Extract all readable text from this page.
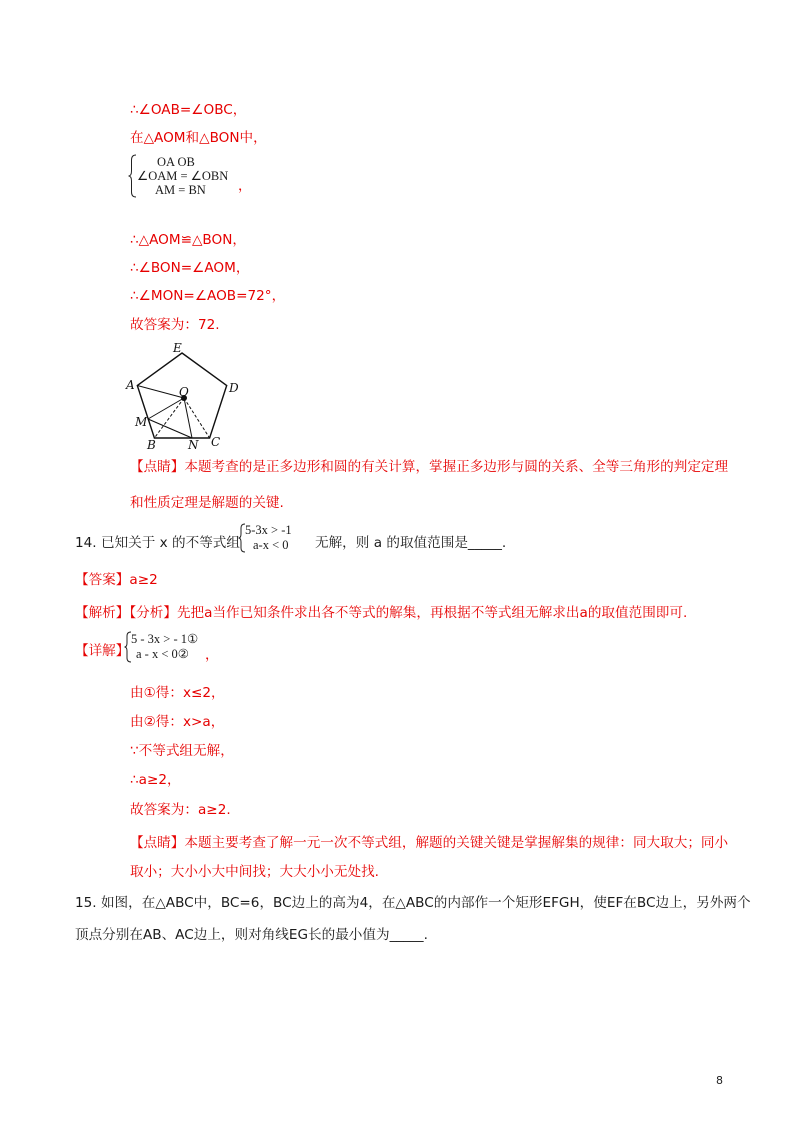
∴∠OAB=∠OBC，
在△AOM和△BON中，
OA OB
∠OAM = ∠OBN
AM = BN ，
∴△AOM≌△BON，
∴∠BON=∠AOM，
∴∠MON=∠AOB=72°，
故答案为：72.
E
A	D
M
B	N C
O
【点睛】本题考查的是正多边形和圆的有关计算，掌握正多边形与圆的关系、全等三角形的判定定理
和性质定理是解题的关键.
14. 已知关于 x 的不等式组
5-3x > -1
a-x < 0 无解，则 a 的取值范围是_____.
【答案】a≥2
【解析】【分析】先把a当作已知条件求出各不等式的解集，再根据不等式组无解求出a的取值范围即可.
【详解】
5 - 3x > - 1①
a - x < 0② ，
由①得：x≤2，
由②得：x>a，
∵不等式组无解，
∴a≥2，
故答案为：a≥2.
【点睛】本题主要考查了解一元一次不等式组，解题的关键关键是掌握解集的规律：同大取大；同小
取小；大小小大中间找；大大小小无处找.
15. 如图，在△ABC中，BC=6，BC边上的高为4，在△ABC的内部作一个矩形EFGH，使EF在BC边上，另外两个
顶点分别在AB、AC边上，则对角线EG长的最小值为_____.
8
